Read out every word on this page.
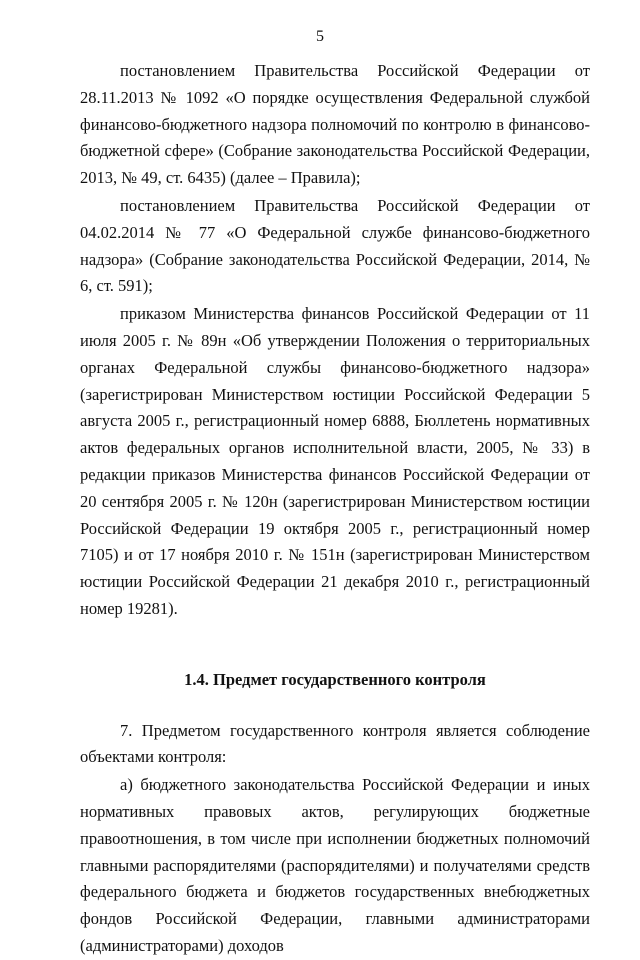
5

постановлением Правительства Российской Федерации от 28.11.2013 № 1092 «О порядке осуществления Федеральной службой финансово-бюджетного надзора полномочий по контролю в финансово-бюджетной сфере» (Собрание законодательства Российской Федерации, 2013, № 49, ст. 6435) (далее – Правила);

постановлением Правительства Российской Федерации от 04.02.2014 № 77 «О Федеральной службе финансово-бюджетного надзора» (Собрание законодательства Российской Федерации, 2014, № 6, ст. 591);

приказом Министерства финансов Российской Федерации от 11 июля 2005 г. № 89н «Об утверждении Положения о территориальных органах Федеральной службы финансово-бюджетного надзора» (зарегистрирован Министерством юстиции Российской Федерации 5 августа 2005 г., регистрационный номер 6888, Бюллетень нормативных актов федеральных органов исполнительной власти, 2005, № 33) в редакции приказов Министерства финансов Российской Федерации от 20 сентября 2005 г. № 120н (зарегистрирован Министерством юстиции Российской Федерации 19 октября 2005 г., регистрационный номер 7105) и от 17 ноября 2010 г. № 151н (зарегистрирован Министерством юстиции Российской Федерации 21 декабря 2010 г., регистрационный номер 19281).

1.4. Предмет государственного контроля

7. Предметом государственного контроля является соблюдение объектами контроля:

а) бюджетного законодательства Российской Федерации и иных нормативных правовых актов, регулирующих бюджетные правоотношения, в том числе при исполнении бюджетных полномочий главными распорядителями (распорядителями) и получателями средств федерального бюджета и бюджетов государственных внебюджетных фондов Российской Федерации, главными администраторами (администраторами) доходов
